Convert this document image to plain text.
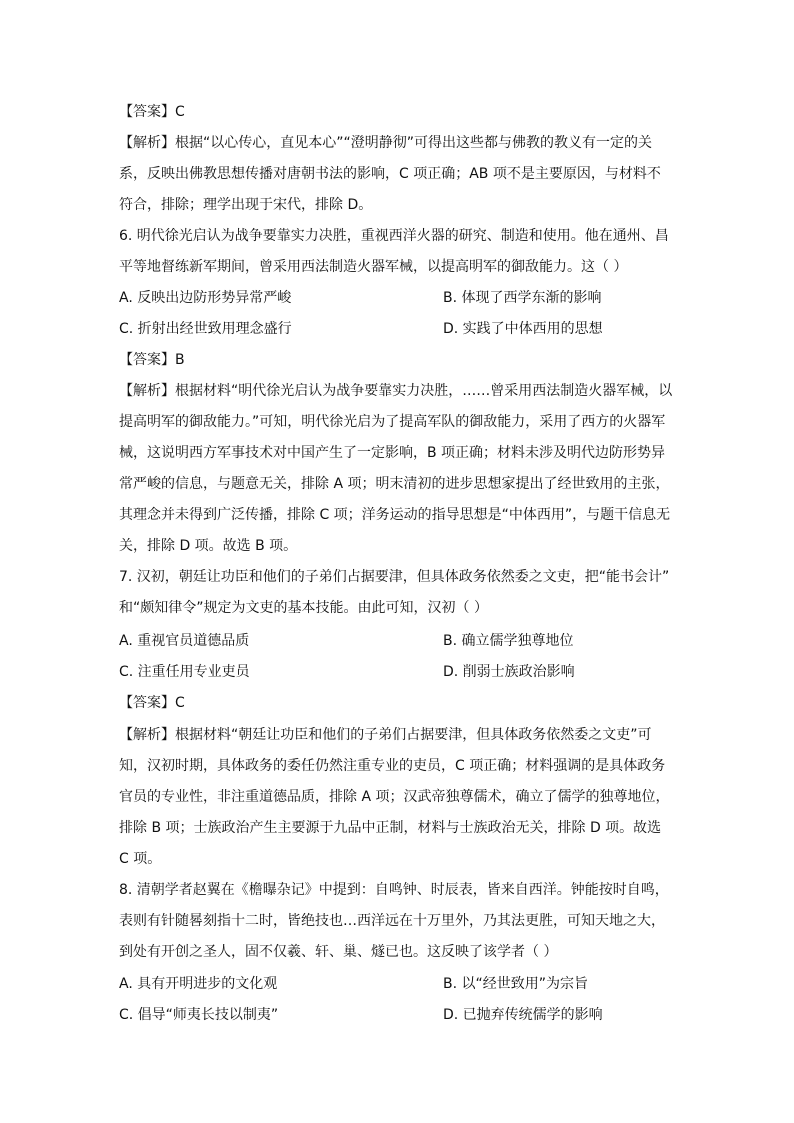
【答案】C
【解析】根据“以心传心，直见本心”“澄明静彻”可得出这些都与佛教的教义有一定的关
系，反映出佛教思想传播对唐朝书法的影响，C 项正确；AB 项不是主要原因，与材料不
符合，排除；理学出现于宋代，排除 D。
6. 明代徐光启认为战争要靠实力决胜，重视西洋火器的研究、制造和使用。他在通州、昌
平等地督练新军期间，曾采用西法制造火器军械，以提高明军的御敌能力。这（ ）
A. 反映出边防形势异常严峻	B. 体现了西学东渐的影响
C. 折射出经世致用理念盛行	D. 实践了中体西用的思想
【答案】B
【解析】根据材料“明代徐光启认为战争要靠实力决胜，……曾采用西法制造火器军械，以
提高明军的御敌能力。”可知，明代徐光启为了提高军队的御敌能力，采用了西方的火器军
械，这说明西方军事技术对中国产生了一定影响，B 项正确；材料未涉及明代边防形势异
常严峻的信息，与题意无关，排除 A 项；明末清初的进步思想家提出了经世致用的主张，
其理念并未得到广泛传播，排除 C 项；洋务运动的指导思想是“中体西用”，与题干信息无
关，排除 D 项。故选 B 项。
7. 汉初，朝廷让功臣和他们的子弟们占据要津，但具体政务依然委之文吏，把“能书会计”
和“颇知律令”规定为文吏的基本技能。由此可知，汉初（ ）
A. 重视官员道德品质	B. 确立儒学独尊地位
C. 注重任用专业吏员	D. 削弱士族政治影响
【答案】C
【解析】根据材料“朝廷让功臣和他们的子弟们占据要津，但具体政务依然委之文吏”可
知，汉初时期，具体政务的委任仍然注重专业的吏员，C 项正确；材料强调的是具体政务
官员的专业性，非注重道德品质，排除 A 项；汉武帝独尊儒术，确立了儒学的独尊地位，
排除 B 项；士族政治产生主要源于九品中正制，材料与士族政治无关，排除 D 项。故选
C 项。
8. 清朝学者赵翼在《檐曝杂记》中提到：自鸣钟、时辰表，皆来自西洋。钟能按时自鸣，
表则有针随晷刻指十二时，皆绝技也…西洋远在十万里外，乃其法更胜，可知天地之大，
到处有开创之圣人，固不仅羲、轩、巢、燧已也。这反映了该学者（ ）
A. 具有开明进步的文化观	B. 以“经世致用”为宗旨
C. 倡导“师夷长技以制夷”	D. 已抛弃传统儒学的影响
